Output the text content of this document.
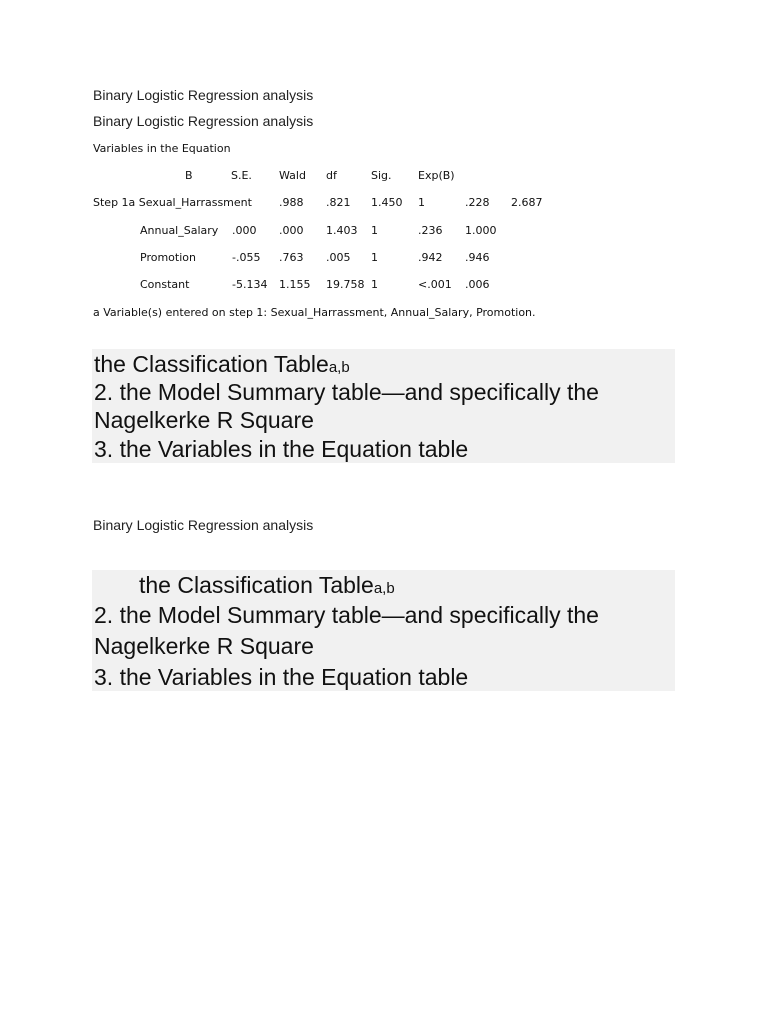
Binary Logistic Regression analysis
Binary Logistic Regression analysis
Variables in the Equation
B	S.E. Wald df	Sig. Exp(B)
Step 1a Sexual_Harrassment .988 .821 1.450 1	.228 2.687
Annual_Salary .000 .000 1.403 1	.236 1.000
Promotion	-.055 .763 .005 1	.942 .946
Constant	-5.134 1.155 19.758 1	<.001 .006
a Variable(s) entered on step 1: Sexual_Harrassment, Annual_Salary, Promotion.
the Classification Tablea,b
2. the Model Summary table—and specifically the
Nagelkerke R Square
3. the Variables in the Equation table
Binary Logistic Regression analysis
the Classification Tablea,b
2. the Model Summary table—and specifically the
Nagelkerke R Square
3. the Variables in the Equation table
